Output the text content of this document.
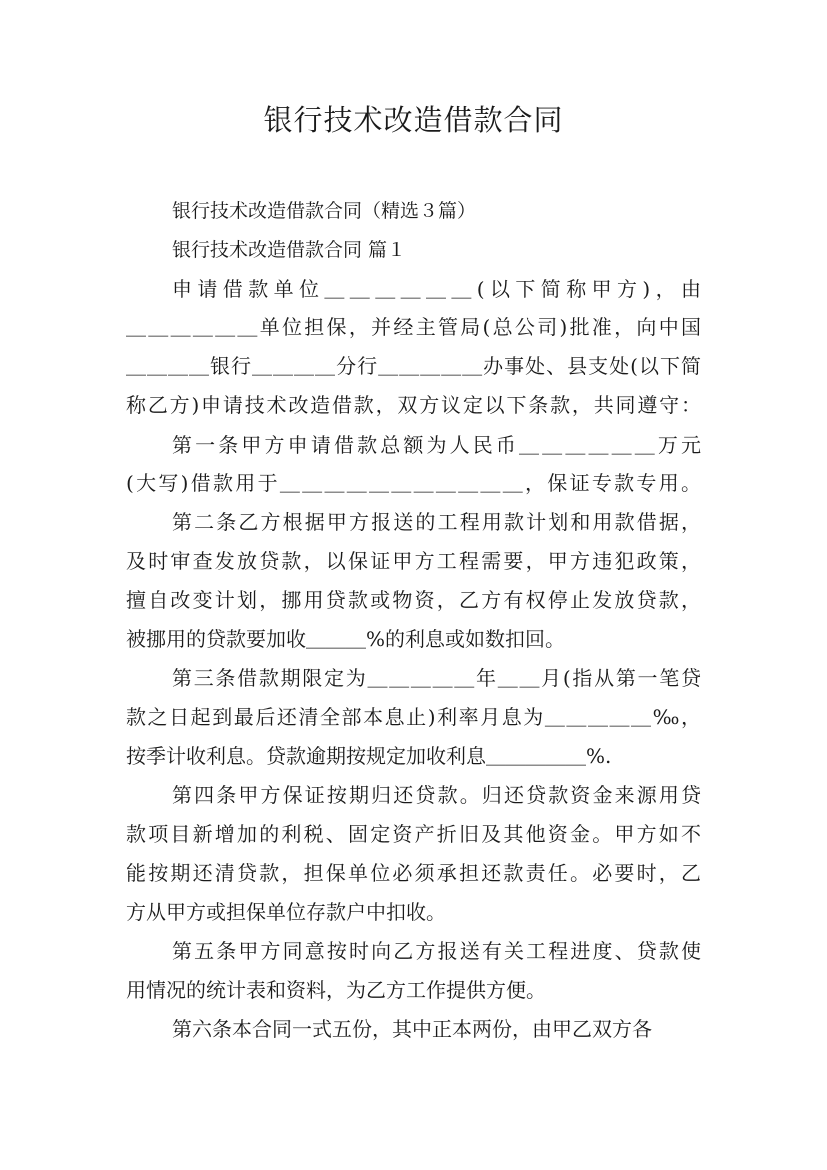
银行技术改造借款合同

银行技术改造借款合同（精选３篇）

银行技术改造借款合同 篇１

申请借款单位＿＿＿＿＿＿(以下简称甲方)，由

＿＿＿＿＿＿单位担保，并经主管局(总公司)批准，向中国

＿＿＿＿银行＿＿＿＿分行＿＿＿＿＿办事处、县支处(以下简

称乙方)申请技术改造借款，双方议定以下条款，共同遵守：

第一条甲方申请借款总额为人民币＿＿＿＿＿＿万元

(大写)借款用于＿＿＿＿＿＿＿＿＿＿＿，保证专款专用。

第二条乙方根据甲方报送的工程用款计划和用款借据，

及时审查发放贷款，以保证甲方工程需要，甲方违犯政策，

擅自改变计划，挪用贷款或物资，乙方有权停止发放贷款，

被挪用的贷款要加收＿＿＿%的利息或如数扣回。

第三条借款期限定为＿＿＿＿＿年＿＿月(指从第一笔贷

款之日起到最后还清全部本息止)利率月息为＿＿＿＿＿‰，

按季计收利息。贷款逾期按规定加收利息＿＿＿＿＿%.

第四条甲方保证按期归还贷款。归还贷款资金来源用贷

款项目新增加的利税、固定资产折旧及其他资金。甲方如不

能按期还清贷款，担保单位必须承担还款责任。必要时，乙

方从甲方或担保单位存款户中扣收。

第五条甲方同意按时向乙方报送有关工程进度、贷款使

用情况的统计表和资料，为乙方工作提供方便。

第六条本合同一式五份，其中正本两份，由甲乙双方各
